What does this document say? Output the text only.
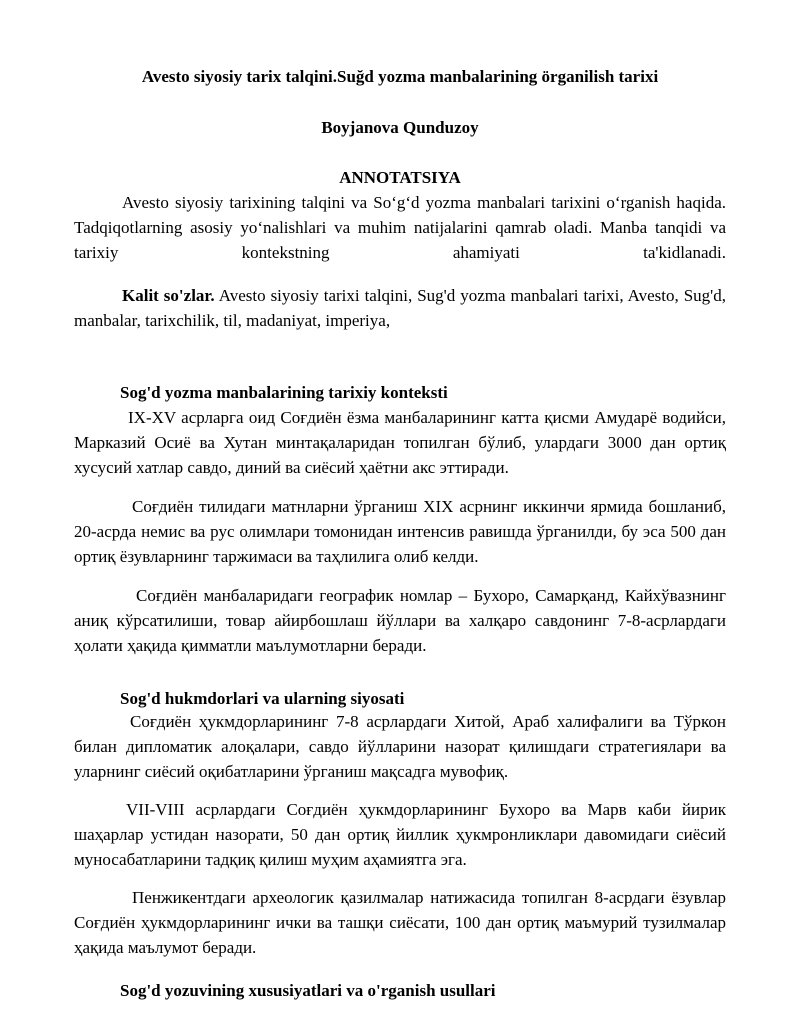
Avesto siyosiy tarix talqini.Suğd yozma manbalarining örganilish tarixi
Boyjanova Qunduzoy
ANNOTATSIYA
Avesto siyosiy tarixining talqini va So‘g‘d yozma manbalari tarixini o‘rganish haqida. Tadqiqotlarning asosiy yo‘nalishlari va muhim natijalarini qamrab oladi. Manba tanqidi va tarixiy kontekstning ahamiyati ta'kidlanadi.
Kalit so'zlar. Avesto siyosiy tarixi talqini, Sug'd yozma manbalari tarixi, Avesto, Sug'd, manbalar, tarixchilik, til, madaniyat, imperiya,
Sog'd yozma manbalarining tarixiy konteksti
IX-XV асрларга оид Соғдиён ёзма манбаларининг катта қисми Амударё водийси, Марказий Осиё ва Хутан минтақаларидан топилган бўлиб, улардаги 3000 дан ортиқ хусусий хатлар савдо, диний ва сиёсий ҳаётни акс эттиради.
Соғдиён тилидаги матнларни ўрганиш XIX асрнинг иккинчи ярмида бошланиб, 20-асрда немис ва рус олимлари томонидан интенсив равишда ўрганилди, бу эса 500 дан ортиқ ёзувларнинг таржимаси ва таҳлилига олиб келди.
Соғдиён манбаларидаги географик номлар – Бухоро, Самарқанд, Кайхўвазнинг аниқ кўрсатилиши, товар айирбошлаш йўллари ва халқаро савдонинг 7-8-асрлардаги ҳолати ҳақида қимматли маълумотларни беради.
Sog'd hukmdorlari va ularning siyosati
Соғдиён ҳукмдорларининг 7-8 асрлардаги Хитой, Араб халифалиги ва Тўркон билан дипломатик алоқалари, савдо йўлларини назорат қилишдаги стратегиялари ва уларнинг сиёсий оқибатларини ўрганиш мақсадга мувофиқ.
VII-VIII асрлардаги Соғдиён ҳукмдорларининг Бухоро ва Марв каби йирик шаҳарлар устидан назорати, 50 дан ортиқ йиллик ҳукмронликлари давомидаги сиёсий муносабатларини тадқиқ қилиш муҳим аҳамиятга эга.
Пенжикентдаги археологик қазилмалар натижасида топилган 8-асрдаги ёзувлар Соғдиён ҳукмдорларининг ички ва ташқи сиёсати, 100 дан ортиқ маъмурий тузилмалар ҳақида маълумот беради.
Sog'd yozuvining xususiyatlari va o'rganish usullari
